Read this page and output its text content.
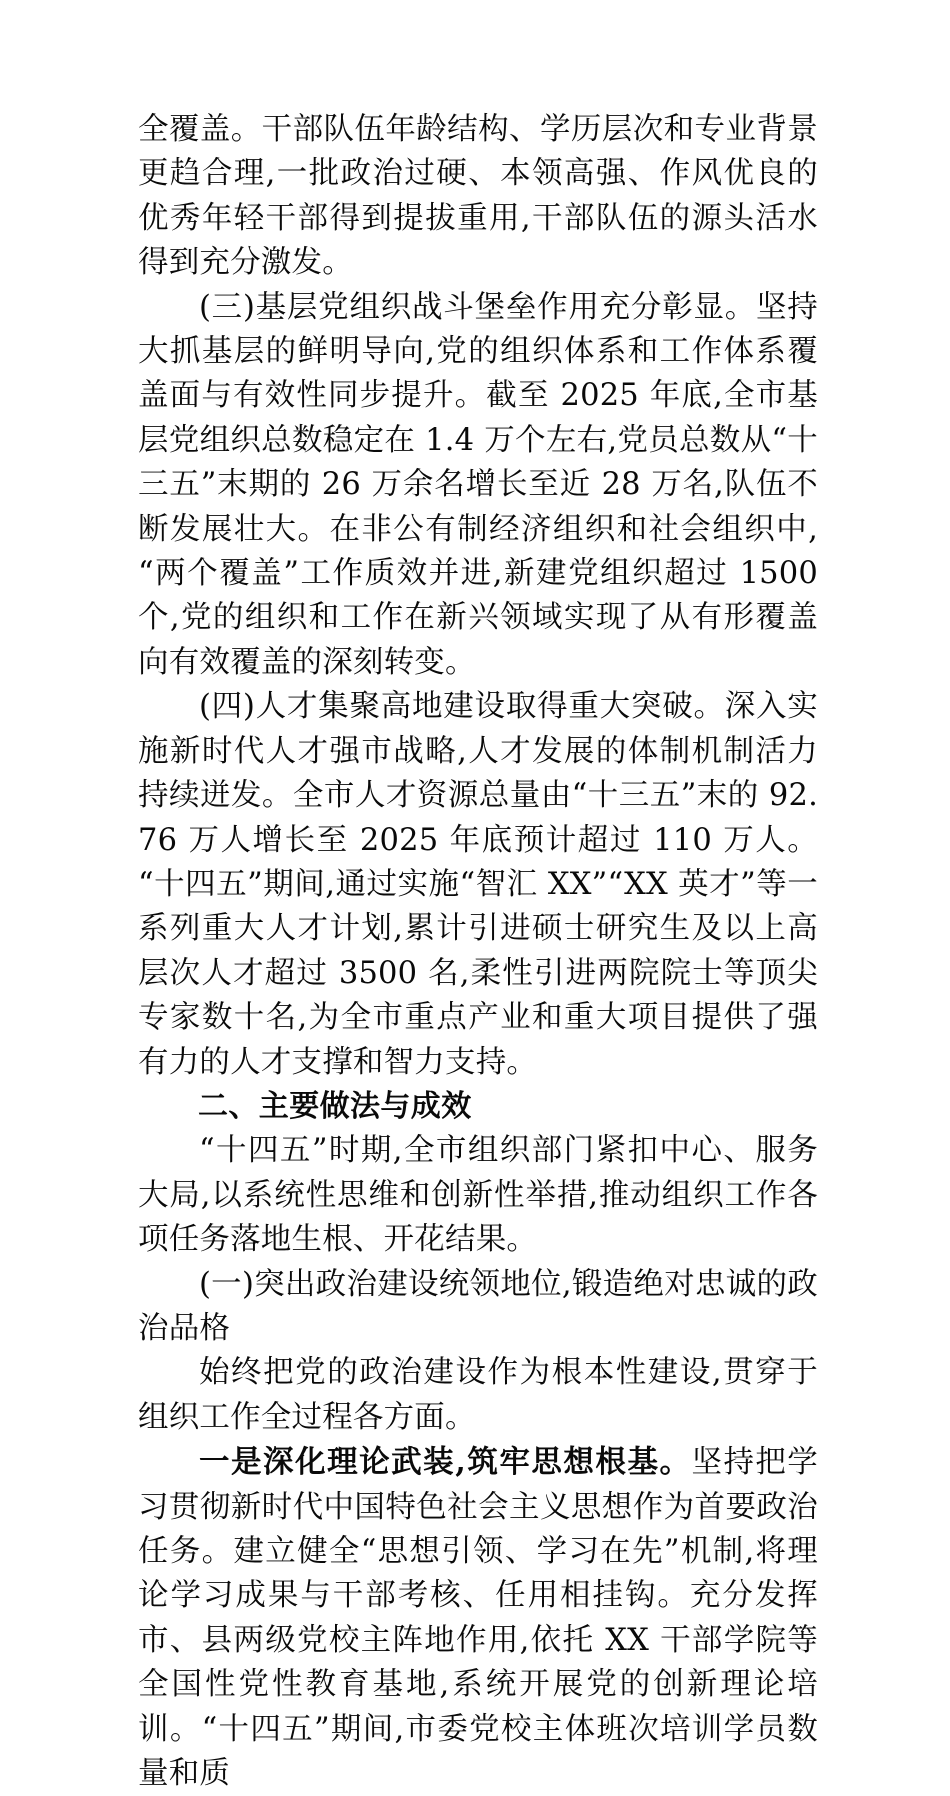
全覆盖。干部队伍年龄结构、学历层次和专业背景更趋合理,一批政治过硬、本领高强、作风优良的优秀年轻干部得到提拔重用,干部队伍的源头活水得到充分激发。

(三)基层党组织战斗堡垒作用充分彰显。坚持大抓基层的鲜明导向,党的组织体系和工作体系覆盖面与有效性同步提升。截至 2025 年底,全市基层党组织总数稳定在 1.4 万个左右,党员总数从“十三五”末期的 26 万余名增长至近 28 万名,队伍不断发展壮大。在非公有制经济组织和社会组织中,“两个覆盖”工作质效并进,新建党组织超过 1500 个,党的组织和工作在新兴领域实现了从有形覆盖向有效覆盖的深刻转变。

(四)人才集聚高地建设取得重大突破。深入实施新时代人才强市战略,人才发展的体制机制活力持续迸发。全市人才资源总量由“十三五”末的 92.76 万人增长至 2025 年底预计超过 110 万人。“十四五”期间,通过实施“智汇 XX”“XX 英才”等一系列重大人才计划,累计引进硕士研究生及以上高层次人才超过 3500 名,柔性引进两院院士等顶尖专家数十名,为全市重点产业和重大项目提供了强有力的人才支撑和智力支持。

二、主要做法与成效

“十四五”时期,全市组织部门紧扣中心、服务大局,以系统性思维和创新性举措,推动组织工作各项任务落地生根、开花结果。

(一)突出政治建设统领地位,锻造绝对忠诚的政治品格

始终把党的政治建设作为根本性建设,贯穿于组织工作全过程各方面。

一是深化理论武装,筑牢思想根基。坚持把学习贯彻新时代中国特色社会主义思想作为首要政治任务。建立健全“思想引领、学习在先”机制,将理论学习成果与干部考核、任用相挂钩。充分发挥市、县两级党校主阵地作用,依托 XX 干部学院等全国性党性教育基地,系统开展党的创新理论培训。“十四五”期间,市委党校主体班次培训学员数量和质
